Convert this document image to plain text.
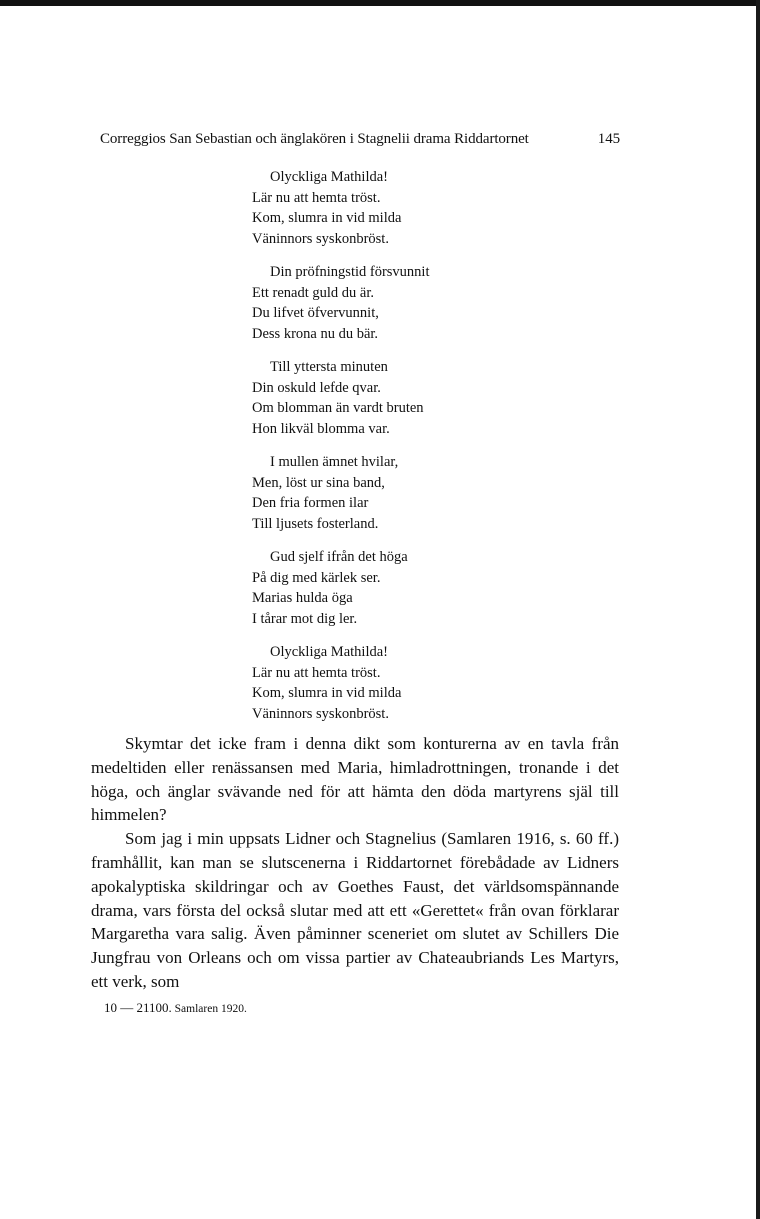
Correggios San Sebastian och änglakören i Stagnelii drama Riddartornet	145
Olyckliga Mathilda!
Lär nu att hemta tröst.
Kom, slumra in vid milda
Väninnors syskonbröst.
Din pröfningstid försvunnit
Ett renadt guld du är.
Du lifvet öfvervunnit,
Dess krona nu du bär.
Till yttersta minuten
Din oskuld lefde qvar.
Om blomman än vardt bruten
Hon likväl blomma var.
I mullen ämnet hvilar,
Men, löst ur sina band,
Den fria formen ilar
Till ljusets fosterland.
Gud sjelf ifrån det höga
På dig med kärlek ser.
Marias hulda öga
I tårar mot dig ler.
Olyckliga Mathilda!
Lär nu att hemta tröst.
Kom, slumra in vid milda
Väninnors syskonbröst.

Skymtar det icke fram i denna dikt som konturerna av en tavla från medeltiden eller renässansen med Maria, himladrottningen, tronande i det höga, och änglar svävande ned för att hämta den döda martyrens själ till himmelen?

Som jag i min uppsats Lidner och Stagnelius (Samlaren 1916, s. 60 ff.) framhållit, kan man se slutscenerna i Riddartornet förebådade av Lidners apokalyptiska skildringar och av Goethes Faust, det världsomspännande drama, vars första del också slutar med att ett «Gerettet« från ovan förklarar Margaretha vara salig. Även påminner sceneriet om slutet av Schillers Die Jungfrau von Orleans och om vissa partier av Chateaubriands Les Martyrs, ett verk, som

10 — 21100. Samlaren 1920.
